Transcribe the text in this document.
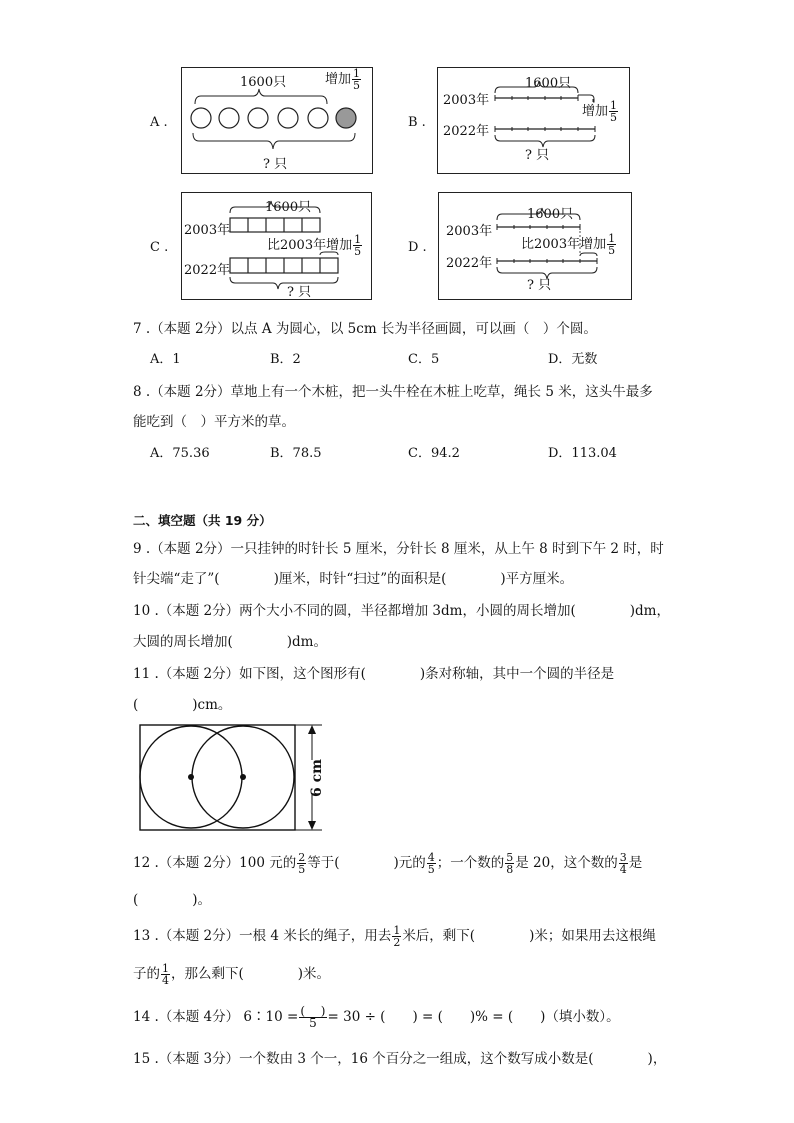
A .
1600只	增加 $\frac{1}{5}$
? 只
B .
1600只
2003年
2022年
增加 $\frac{1}{5}$
? 只
C .
1600只
2003年
2022年
比2003年增加 $\frac{1}{5}$
? 只
D .
1600只
2003年
2022年
比2003年增加 $\frac{1}{5}$
? 只
7 .（本题 2分）以点 A 为圆心，以 5cm 长为半径画圆，可以画（　）个圆。
A．1	B．2	C．5	D．无数
8 .（本题 2分）草地上有一个木桩，把一头牛栓在木桩上吃草，绳长 5 米，这头牛最多
能吃到（　）平方米的草。
A．75.36	B．78.5	C．94.2	D．113.04
二、填空题（共 19 分）
9 .（本题 2分）一只挂钟的时针长 5 厘米，分针长 8 厘米，从上午 8 时到下午 2 时，时
针尖端“走了”(　　　　)厘米，时针“扫过”的面积是(　　　　)平方厘米。
10 .（本题 2分）两个大小不同的圆，半径都增加 3dm，小圆的周长增加(　　　　)dm，
大圆的周长增加(　　　　)dm。
11 .（本题 2分）如下图，这个图形有(　　　　)条对称轴，其中一个圆的半径是
(　　　　)cm。
6 cm
12 .（本题 2分）100 元的 $\frac{2}{5}$ 等于(　　　　)元的 $\frac{4}{5}$ ；一个数的 $\frac{5}{8}$ 是 20，这个数的 $\frac{3}{4}$ 是
(　　　　)。
13 .（本题 2分）一根 4 米长的绳子，用去 $\frac{1}{2}$ 米后，剩下(　　　　)米；如果用去这根绳
子的 $\frac{1}{4}$ ，那么剩下(　　　　)米。
14 .（本题 4分） 6∶10 = $\frac{( )}{5} = 30$ ÷ (　　) = (　　)% = (　　)（填小数）。
15 .（本题 3分）一个数由 3 个一，16 个百分之一组成，这个数写成小数是(　　　　)，
